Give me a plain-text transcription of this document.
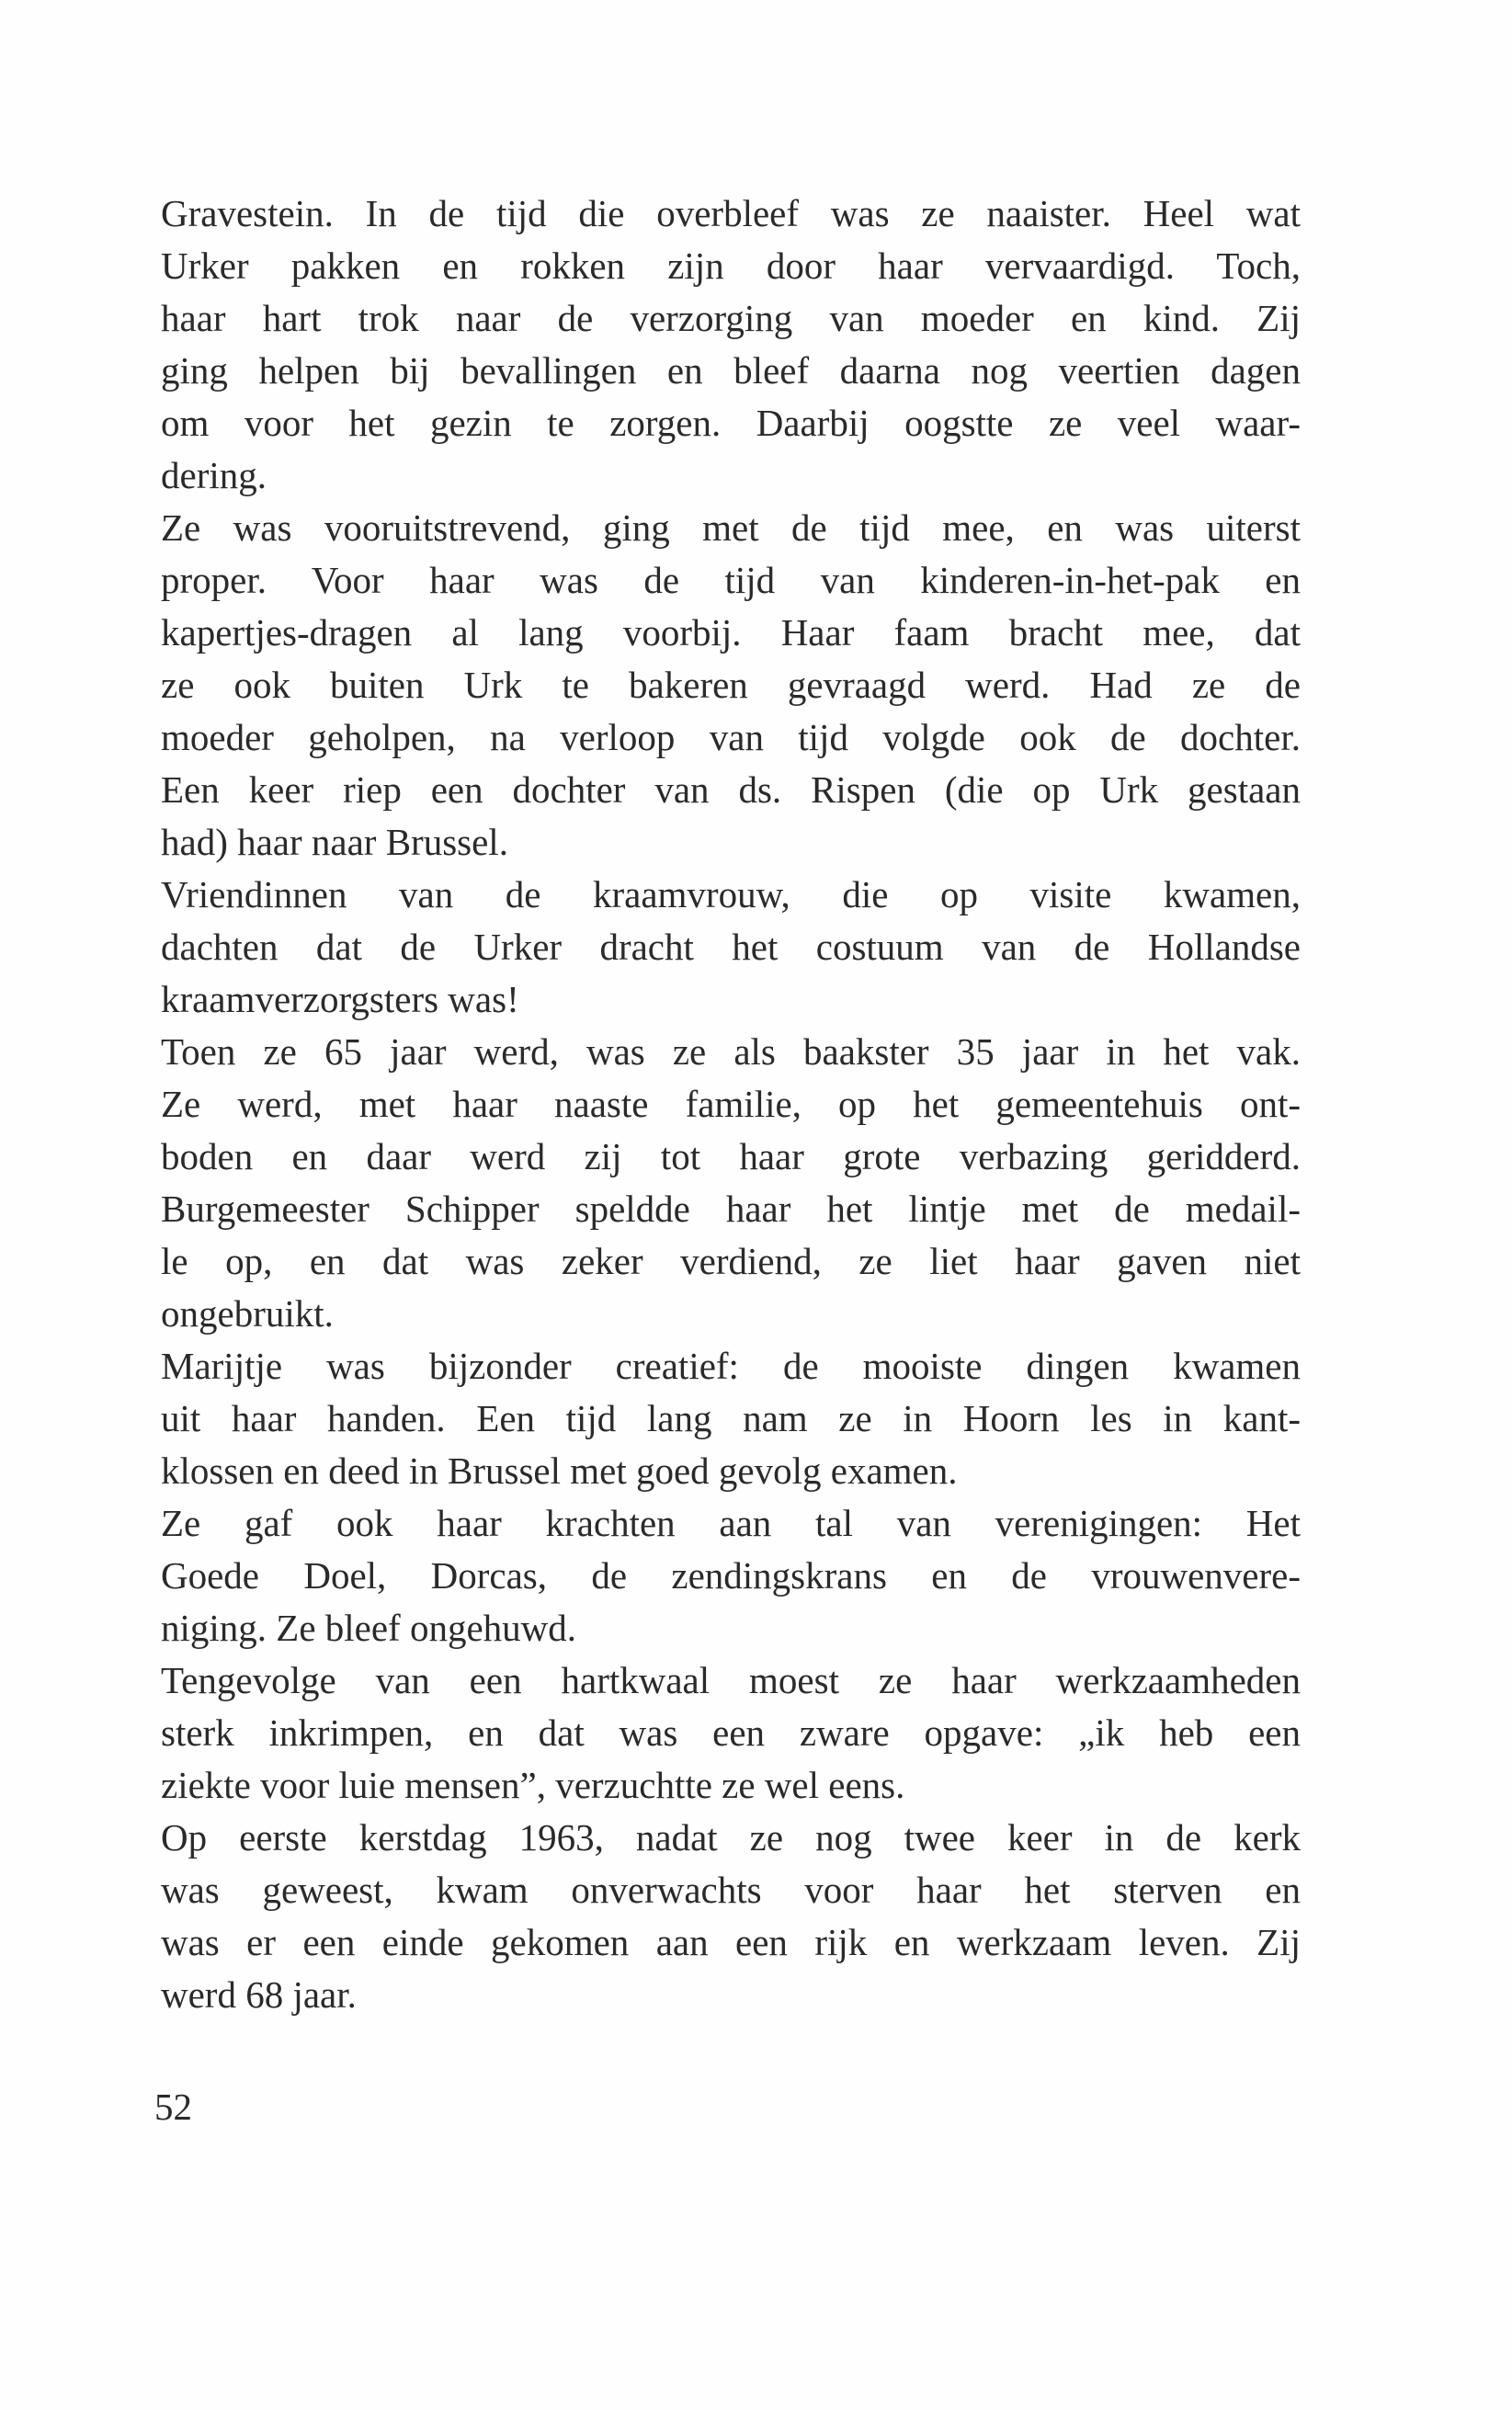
Gravestein. In de tijd die overbleef was ze naaister. Heel wat
Urker pakken en rokken zijn door haar vervaardigd. Toch,
haar hart trok naar de verzorging van moeder en kind. Zij
ging helpen bij bevallingen en bleef daarna nog veertien dagen
om voor het gezin te zorgen. Daarbij oogstte ze veel waar-
dering.
Ze was vooruitstrevend, ging met de tijd mee, en was uiterst
proper. Voor haar was de tijd van kinderen-in-het-pak en
kapertjes-dragen al lang voorbij. Haar faam bracht mee, dat
ze ook buiten Urk te bakeren gevraagd werd. Had ze de
moeder geholpen, na verloop van tijd volgde ook de dochter.
Een keer riep een dochter van ds. Rispen (die op Urk gestaan
had) haar naar Brussel.
Vriendinnen van de kraamvrouw, die op visite kwamen,
dachten dat de Urker dracht het costuum van de Hollandse
kraamverzorgsters was!
Toen ze 65 jaar werd, was ze als baakster 35 jaar in het vak.
Ze werd, met haar naaste familie, op het gemeentehuis ont-
boden en daar werd zij tot haar grote verbazing geridderd.
Burgemeester Schipper speldde haar het lintje met de medail-
le op, en dat was zeker verdiend, ze liet haar gaven niet
ongebruikt.
Marijtje was bijzonder creatief: de mooiste dingen kwamen
uit haar handen. Een tijd lang nam ze in Hoorn les in kant-
klossen en deed in Brussel met goed gevolg examen.
Ze gaf ook haar krachten aan tal van verenigingen: Het
Goede Doel, Dorcas, de zendingskrans en de vrouwenvere-
niging. Ze bleef ongehuwd.
Tengevolge van een hartkwaal moest ze haar werkzaamheden
sterk inkrimpen, en dat was een zware opgave: „ik heb een
ziekte voor luie mensen”, verzuchtte ze wel eens.
Op eerste kerstdag 1963, nadat ze nog twee keer in de kerk
was geweest, kwam onverwachts voor haar het sterven en
was er een einde gekomen aan een rijk en werkzaam leven. Zij
werd 68 jaar.
52
